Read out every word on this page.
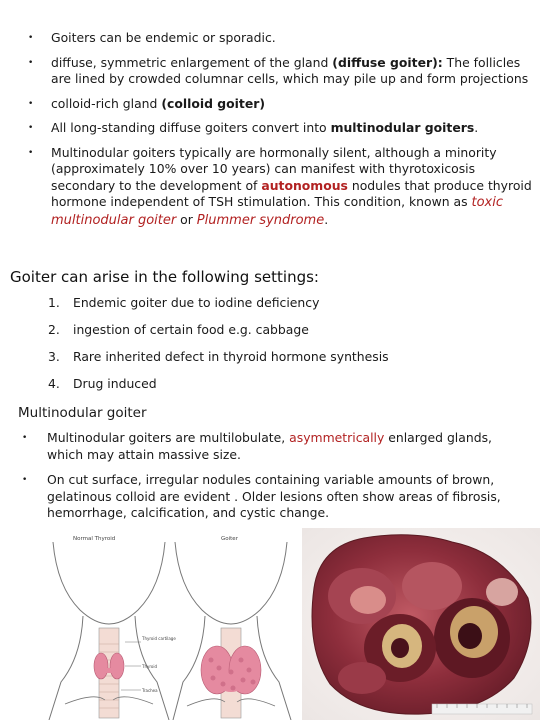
• Goiters can be endemic or sporadic.
• diffuse, symmetric enlargement of the gland (diffuse goiter): The follicles are lined by crowded columnar cells, which may pile up and form projections
• colloid-rich gland (colloid goiter)
• All long-standing diffuse goiters convert into multinodular goiters.
• Multinodular goiters typically are hormonally silent, although a minority (approximately 10% over 10 years) can manifest with thyrotoxicosis secondary to the development of autonomous nodules that produce thyroid hormone independent of TSH stimulation. This condition, known as toxic multinodular goiter or Plummer syndrome.
Goiter can arise in the following settings:
1. Endemic goiter due to iodine deficiency
2. ingestion of certain food e.g. cabbage
3. Rare inherited defect in thyroid hormone synthesis
4. Drug induced
Multinodular goiter
• Multinodular goiters are multilobulate, asymmetrically enlarged glands, which may attain massive size.
• On cut surface, irregular nodules containing variable amounts of brown, gelatinous colloid are evident . Older lesions often show areas of fibrosis, hemorrhage, calcification, and cystic change.
Normal Thyroid
Thyroid cartilage
Thyroid
Trachea
Goiter
